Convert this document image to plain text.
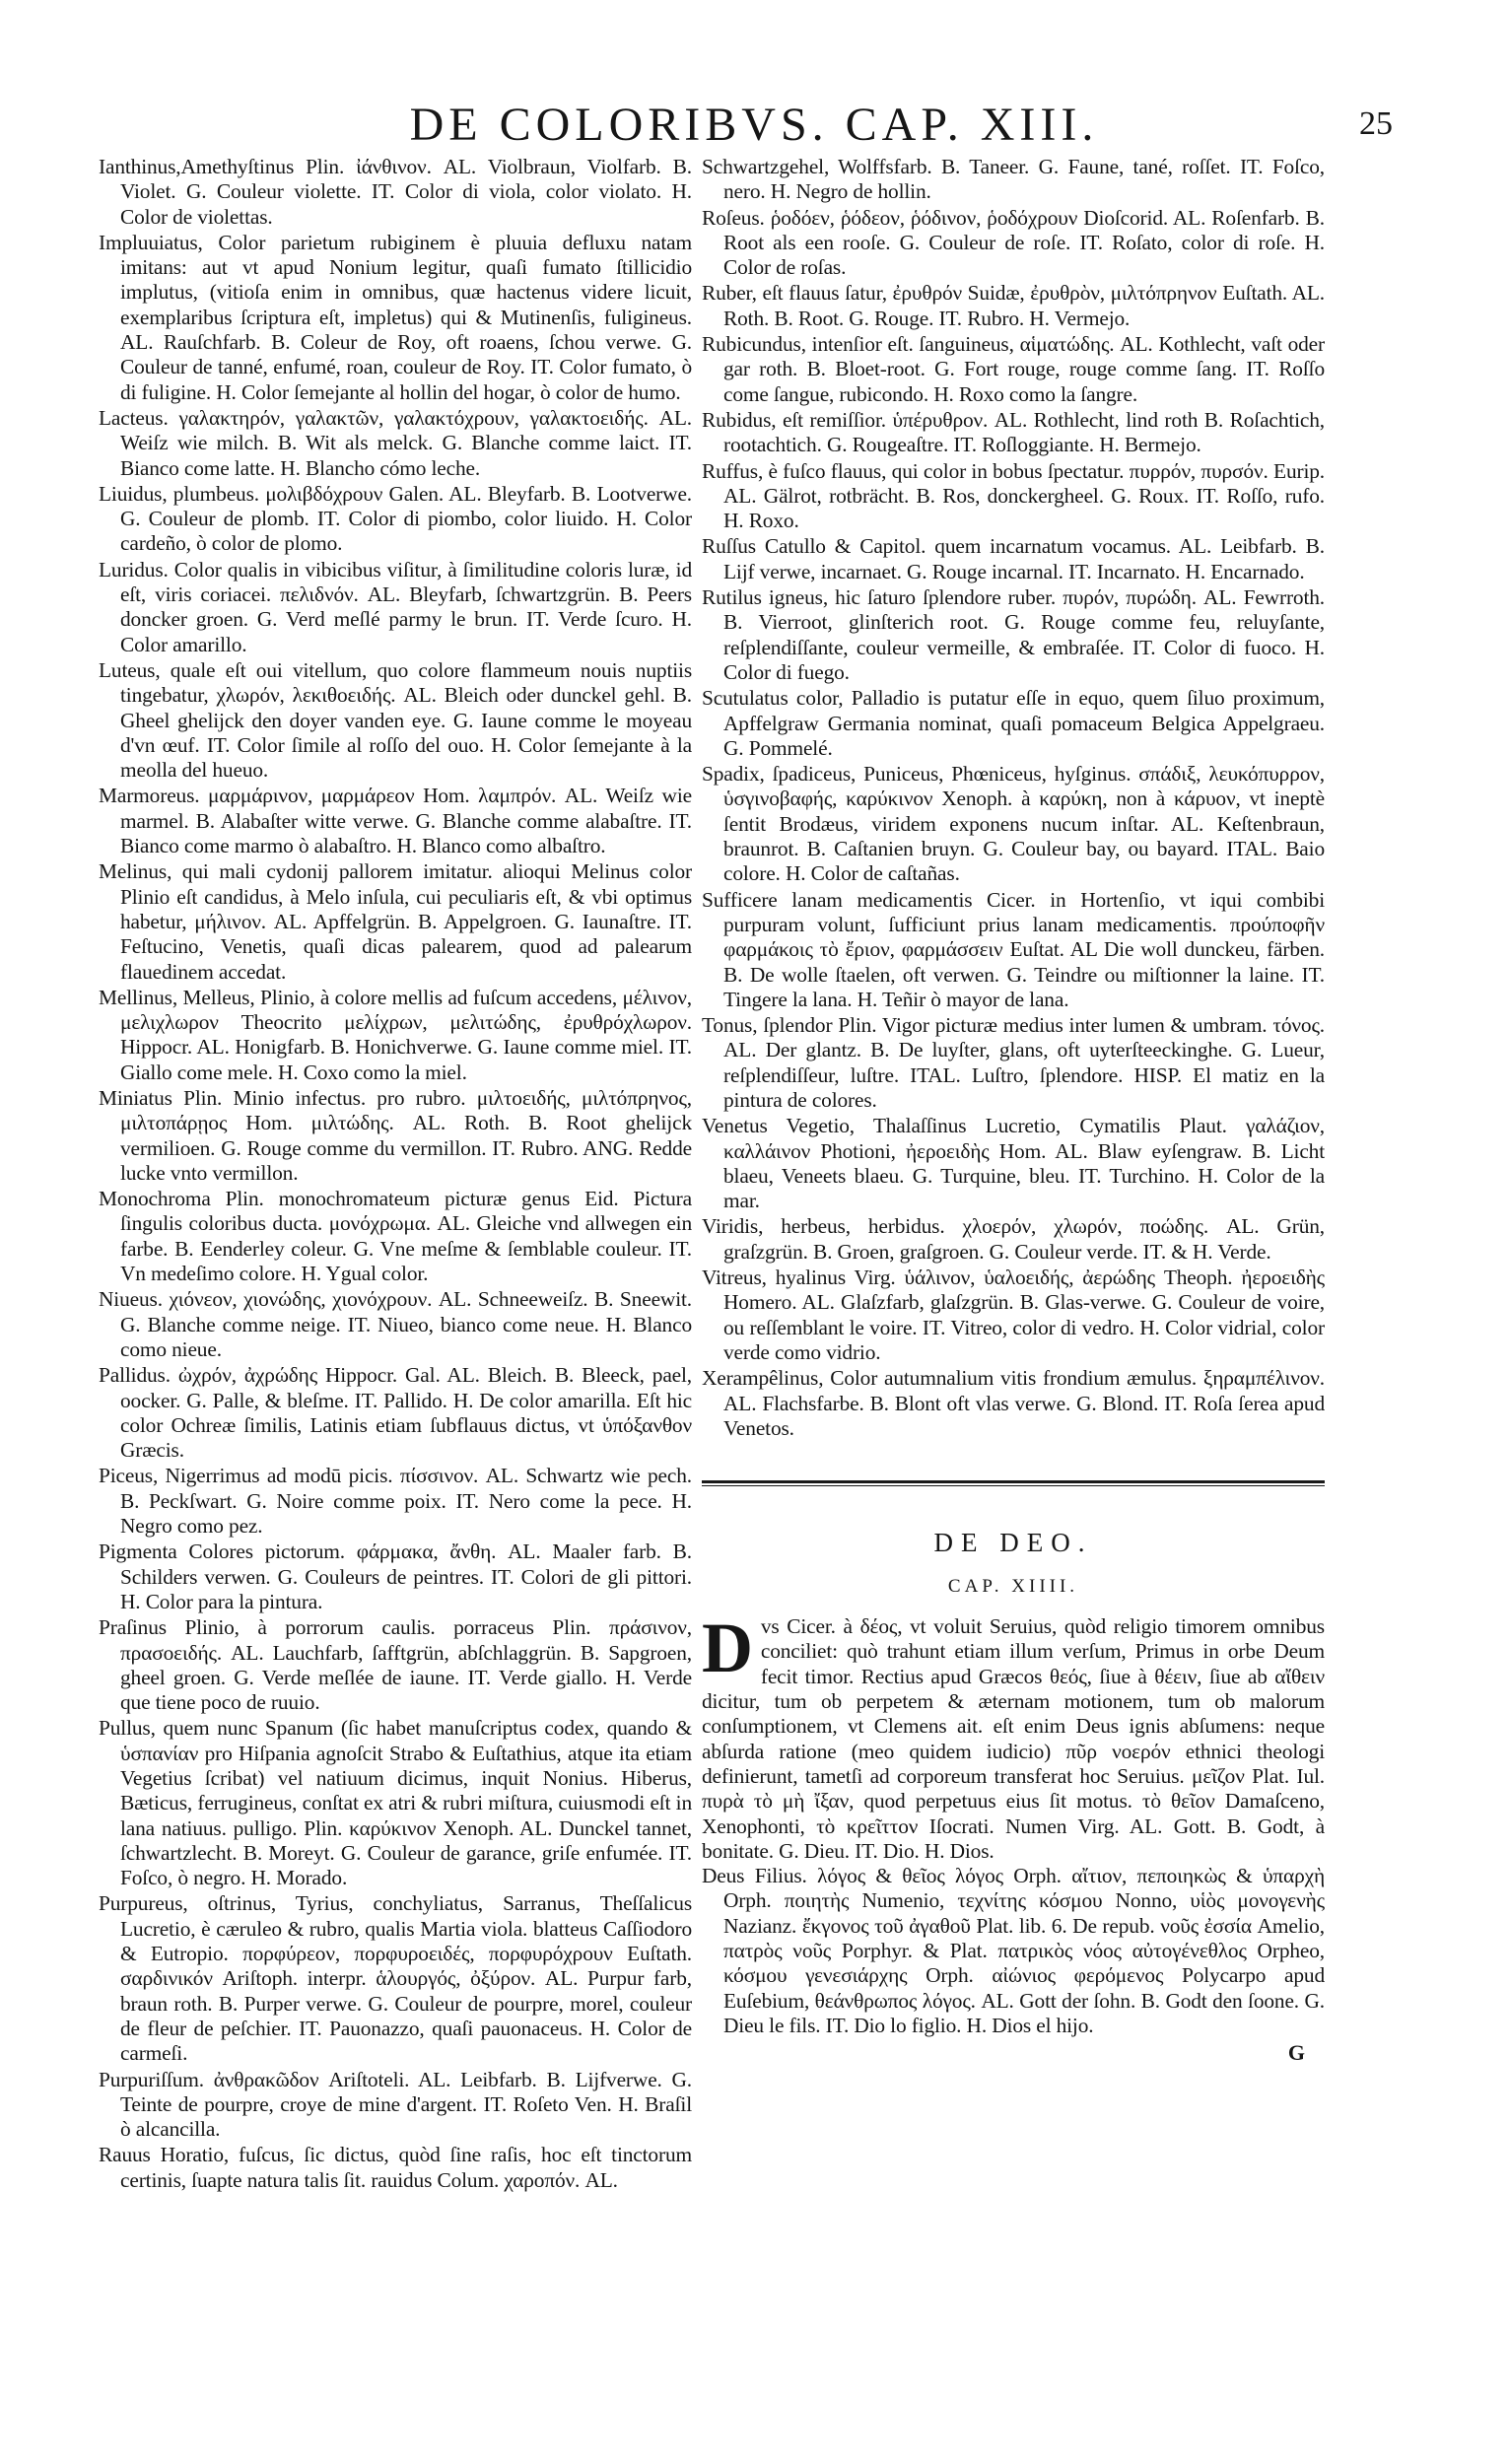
DE COLORIBVS. CAP. XIII.	25

Ianthinus,Amethyſtinus Plin. ἰάνθινον. AL. Violbraun, Violfarb. B. Violet. G. Couleur violette. IT. Color di viola, color violato. H. Color de violettas.

Impluuiatus, Color parietum rubiginem è pluuia defluxu natam imitans: aut vt apud Nonium legitur, quaſi fumato ſtillicidio implutus, (vitioſa enim in omnibus, quæ hactenus videre licuit, exemplaribus ſcriptura eſt, impletus) qui & Mutinenſis, fuligineus. AL. Rauſchfarb. B. Coleur de Roy, oft roaens, ſchou verwe. G. Couleur de tanné, enfumé, roan, couleur de Roy. IT. Color fumato, ò di fuligine. H. Color ſemejante al hollin del hogar, ò color de humo.

Lacteus. γαλακτηρόν, γαλακτῶν, γαλακτόχρουν, γαλακτοειδής. AL. Weiſz wie milch. B. Wit als melck. G. Blanche comme laict. IT. Bianco come latte. H. Blancho cómo leche.

Liuidus, plumbeus. μολιβδόχρουν Galen. AL. Bleyfarb. B. Lootverwe. G. Couleur de plomb. IT. Color di piombo, color liuido. H. Color cardeño, ò color de plomo.

Luridus. Color qualis in vibicibus viſitur, à ſimilitudine coloris luræ, id eſt, viris coriacei. πελιδνόν. AL. Bleyfarb, ſchwartzgrün. B. Peers doncker groen. G. Verd meſlé parmy le brun. IT. Verde ſcuro. H. Color amarillo.

Luteus, quale eſt oui vitellum, quo colore flammeum nouis nuptiis tingebatur, χλωρόν, λεκιθοειδής. AL. Bleich oder dunckel gehl. B. Gheel ghelijck den doyer vanden eye. G. Iaune comme le moyeau d'vn œuf. IT. Color ſimile al roſſo del ouo. H. Color ſemejante à la meolla del hueuo.

Marmoreus. μαρμάρινον, μαρμάρεον Hom. λαμπρόν. AL. Weiſz wie marmel. B. Alabaſter witte verwe. G. Blanche comme alabaſtre. IT. Bianco come marmo ò alabaſtro. H. Blanco como albaſtro.

Melinus, qui mali cydonij pallorem imitatur. alioqui Melinus color Plinio eſt candidus, à Melo inſula, cui peculiaris eſt, & vbi optimus habetur, μήλινον. AL. Apffelgrün. B. Appelgroen. G. Iaunaſtre. IT. Feſtucino, Venetis, quaſi dicas palearem, quod ad palearum flauedinem accedat.

Mellinus, Melleus, Plinio, à colore mellis ad fuſcum accedens, μέλινον, μελιχλωρον Theocrito μελίχρων, μελιτώδης, ἐρυθρόχλωρον. Hippocr. AL. Honigfarb. B. Honichverwe. G. Iaune comme miel. IT. Giallo come mele. H. Coxo como la miel.

Miniatus Plin. Minio infectus. pro rubro. μιλτοειδής, μιλτόπρηνος, μιλτοπάρῃος Hom. μιλτώδης. AL. Roth. B. Root ghelijck vermilioen. G. Rouge comme du vermillon. IT. Rubro. ANG. Redde lucke vnto vermillon.

Monochroma Plin. monochromateum picturæ genus Eid. Pictura ſingulis coloribus ducta. μονόχρωμα. AL. Gleiche vnd allwegen ein farbe. B. Eenderley coleur. G. Vne meſme & ſemblable couleur. IT. Vn medeſimo colore. H. Ygual color.

Niueus. χιόνεον, χιονώδης, χιονόχρουν. AL. Schneeweiſz. B. Sneewit. G. Blanche comme neige. IT. Niueo, bianco come neue. H. Blanco como nieue.

Pallidus. ὠχρόν, ἀχρώδης Hippocr. Gal. AL. Bleich. B. Bleeck, pael, oocker. G. Palle, & bleſme. IT. Pallido. H. De color amarilla. Eſt hic color Ochreæ ſimilis, Latinis etiam ſubflauus dictus, vt ὑπόξανθον Græcis.

Piceus, Nigerrimus ad modū picis. πίσσινον. AL. Schwartz wie pech. B. Peckſwart. G. Noire comme poix. IT. Nero come la pece. H. Negro como pez.

Pigmenta Colores pictorum. φάρμακα, ἄνθη. AL. Maaler farb. B. Schilders verwen. G. Couleurs de peintres. IT. Colori de gli pittori. H. Color para la pintura.

Praſinus Plinio, à porrorum caulis. porraceus Plin. πράσινον, πρασοειδής. AL. Lauchfarb, ſafftgrün, abſchlaggrün. B. Sapgroen, gheel groen. G. Verde meſlée de iaune. IT. Verde giallo. H. Verde que tiene poco de ruuio.

Pullus, quem nunc Spanum (ſic habet manuſcriptus codex, quando & ὑσπανίαν pro Hiſpania agnoſcit Strabo & Euſtathius, atque ita etiam Vegetius ſcribat) vel natiuum dicimus, inquit Nonius. Hiberus, Bæticus, ferrugineus, conſtat ex atri & rubri miſtura, cuiusmodi eſt in lana natiuus. pulligo. Plin. καρύκινον Xenoph. AL. Dunckel tannet, ſchwartzlecht. B. Moreyt. G. Couleur de garance, griſe enfumée. IT. Foſco, ò negro. H. Morado.

Purpureus, oſtrinus, Tyrius, conchyliatus, Sarranus, Theſſalicus Lucretio, è cæruleo & rubro, qualis Martia viola. blatteus Caſſiodoro & Eutropio. πορφύρεον, πορφυροειδές, πορφυρόχρουν Euſtath. σαρδινικόν Ariſtoph. interpr. ἁλουργός, ὀξύρον. AL. Purpur farb, braun roth. B. Purper verwe. G. Couleur de pourpre, morel, couleur de fleur de peſchier. IT. Pauonazzo, quaſi pauonaceus. H. Color de carmeſi.

Purpuriſſum. ἀνθρακῶδον Ariſtoteli. AL. Leibfarb. B. Lijfverwe. G. Teinte de pourpre, croye de mine d'argent. IT. Roſeto Ven. H. Braſil ò alcancilla.

Rauus Horatio, fuſcus, ſic dictus, quòd ſine raſis, hoc eſt tinctorum certinis, ſuapte natura talis ſit. rauidus Colum. χαροπόν. AL.

Schwartzgehel, Wolffsfarb. B. Taneer. G. Faune, tané, roſſet. IT. Foſco, nero. H. Negro de hollin.

Roſeus. ῥοδόεν, ῥόδεον, ῥόδινον, ῥοδόχρουν Dioſcorid. AL. Roſenfarb. B. Root als een rooſe. G. Couleur de roſe. IT. Roſato, color di roſe. H. Color de roſas.

Ruber, eſt flauus ſatur, ἐρυθρόν Suidæ, ἐρυθρὸν, μιλτόπρηνον Euſtath. AL. Roth. B. Root. G. Rouge. IT. Rubro. H. Vermejo.

Rubicundus, intenſior eſt. ſanguineus, αἱματώδης. AL. Kothlecht, vaſt oder gar roth. B. Bloet-root. G. Fort rouge, rouge comme ſang. IT. Roſſo come ſangue, rubicondo. H. Roxo como la ſangre.

Rubidus, eſt remiſſior. ὑπέρυθρον. AL. Rothlecht, lind roth B. Roſachtich, rootachtich. G. Rougeaſtre. IT. Roſloggiante. H. Bermejo.

Ruffus, è fuſco flauus, qui color in bobus ſpectatur. πυρρόν, πυρσόν. Eurip. AL. Gälrot, rotbrächt. B. Ros, donckergheel. G. Roux. IT. Roſſo, rufo. H. Roxo.

Ruſſus Catullo & Capitol. quem incarnatum vocamus. AL. Leibfarb. B. Lijf verwe, incarnaet. G. Rouge incarnal. IT. Incarnato. H. Encarnado.

Rutilus igneus, hic ſaturo ſplendore ruber. πυρόν, πυρώδη. AL. Fewrroth. B. Vierroot, glinſterich root. G. Rouge comme feu, reluyſante, reſplendiſſante, couleur vermeille, & embraſée. IT. Color di fuoco. H. Color di fuego.

Scutulatus color, Palladio is putatur eſſe in equo, quem ſiluo proximum, Apffelgraw Germania nominat, quaſi pomaceum Belgica Appelgraeu. G. Pommelé.

Spadix, ſpadiceus, Puniceus, Phœniceus, hyſginus. σπάδιξ, λευκόπυρρον, ὑσγινοβαφής, καρύκινον Xenoph. à καρύκη, non à κάρυον, vt ineptè ſentit Brodæus, viridem exponens nucum inſtar. AL. Keſtenbraun, braunrot. B. Caſtanien bruyn. G. Couleur bay, ou bayard. ITAL. Baio colore. H. Color de caſtañas.

Sufficere lanam medicamentis Cicer. in Hortenſio, vt iqui combibi purpuram volunt, ſufficiunt prius lanam medicamentis. προύποφῆν φαρμάκοις τὸ ἔριον, φαρμάσσειν Euſtat. AL Die woll dunckeu, färben. B. De wolle ſtaelen, oft verwen. G. Teindre ou miſtionner la laine. IT. Tingere la lana. H. Teñir ò mayor de lana.

Tonus, ſplendor Plin. Vigor picturæ medius inter lumen & umbram. τόνος. AL. Der glantz. B. De luyſter, glans, oft uyterſteeckinghe. G. Lueur, reſplendiſſeur, luſtre. ITAL. Luſtro, ſplendore. HISP. El matiz en la pintura de colores.

Venetus Vegetio, Thalaſſinus Lucretio, Cymatilis Plaut. γαλάζιον, καλλάινον Photioni, ἠεροειδὴς Hom. AL. Blaw eyſengraw. B. Licht blaeu, Veneets blaeu. G. Turquine, bleu. IT. Turchino. H. Color de la mar.

Viridis, herbeus, herbidus. χλοερόν, χλωρόν, ποώδης. AL. Grün, graſzgrün. B. Groen, graſgroen. G. Couleur verde. IT. & H. Verde.

Vitreus, hyalinus Virg. ὑάλινον, ὑαλοειδής, ἀερώδης Theoph. ἠεροειδὴς Homero. AL. Glaſzfarb, glaſzgrün. B. Glas-verwe. G. Couleur de voire, ou reſſemblant le voire. IT. Vitreo, color di vedro. H. Color vidrial, color verde como vidrio.

Xerampêlinus, Color autumnalium vitis frondium æmulus. ξηραμπέλινον. AL. Flachsfarbe. B. Blont oft vlas verwe. G. Blond. IT. Roſa ſerea apud Venetos.

DE DEO.

CAP. XIIII.

Dvs Cicer. à δέος, vt voluit Seruius, quòd religio timorem omnibus conciliet: quò trahunt etiam illum verſum, Primus in orbe Deum fecit timor. Rectius apud Græcos θεός, ſiue à θέειν, ſiue ab αἴθειν dicitur, tum ob perpetem & æternam motionem, tum ob malorum conſumptionem, vt Clemens ait. eſt enim Deus ignis abſumens: neque abſurda ratione (meo quidem iudicio) πῦρ νοερόν ethnici theologi definierunt, tametſi ad corporeum transferat hoc Seruius. μεῖζον Plat. Iul. πυρὰ τὸ μὴ ἴξαν, quod perpetuus eius ſit motus. τὸ θεῖον Damaſceno, Xenophonti, τὸ κρεῖττον Iſocrati. Numen Virg. AL. Gott. B. Godt, à bonitate. G. Dieu. IT. Dio. H. Dios.

Deus Filius. λόγος & θεῖος λόγος Orph. αἴτιον, πεποιηκὼς & ὑπαρχὴ Orph. ποιητὴς Numenio, τεχνίτης κόσμου Nonno, υἱὸς μονογενὴς Nazianz. ἔκγονος τοῦ ἀγαθοῦ Plat. lib. 6. De repub. νοῦς ἐσσία Amelio, πατρὸς νοῦς Porphyr. & Plat. πατρικὸς νόος αὐτογένεθλος Orpheo, κόσμου γενεσιάρχης Orph. αἰώνιος φερόμενος Polycarpo apud Euſebium, θεάνθρωπος λόγος. AL. Gott der ſohn. B. Godt den ſoone. G. Dieu le fils. IT. Dio lo figlio. H. Dios el hijo.

G
